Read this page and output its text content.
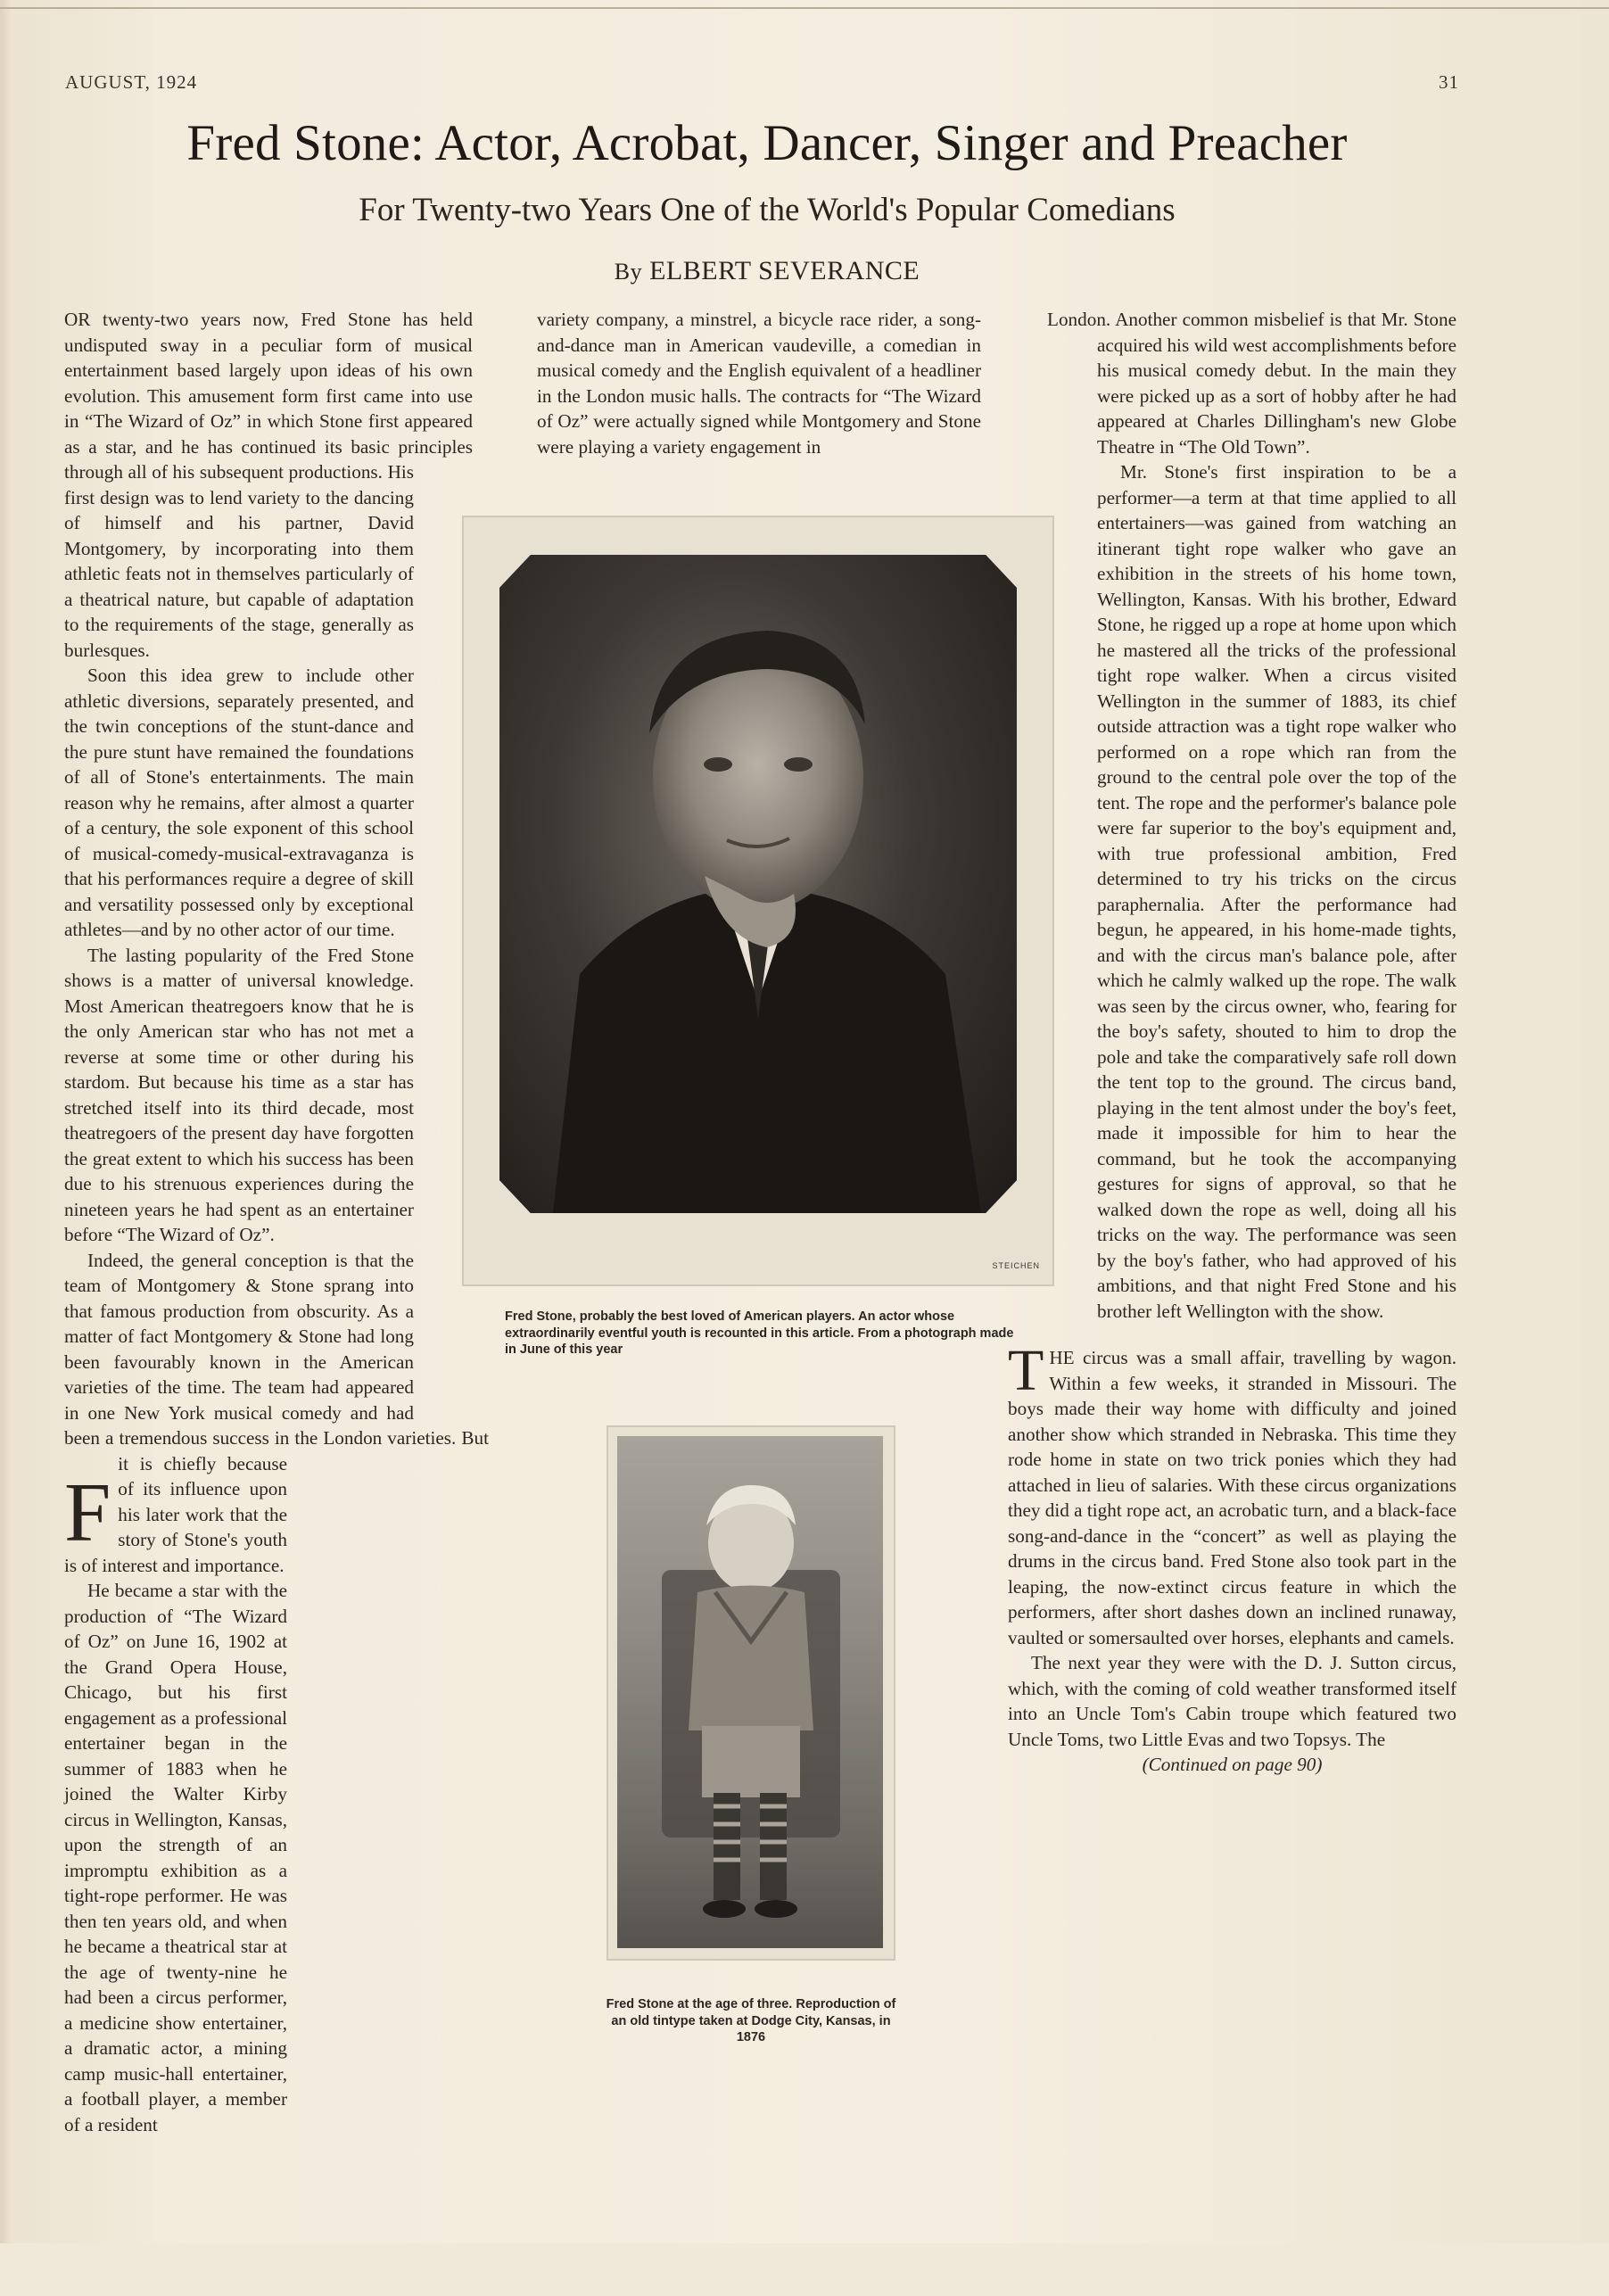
AUGUST, 1924	31
Fred Stone: Actor, Acrobat, Dancer, Singer and Preacher
For Twenty-two Years One of the World's Popular Comedians
By ELBERT SEVERANCE

F
OR twenty-two years now, Fred Stone has held undisputed sway in a peculiar form of musical entertainment based largely upon ideas of his own evolution. This amusement form first came into use in “The Wizard of Oz” in which Stone first appeared as a star, and he has continued its basic principles through all of his subsequent productions. His first design was to lend variety to the dancing of himself and his partner, David Montgomery, by incorporating into them athletic feats not in themselves particularly of a theatrical nature, but capable of adaptation to the requirements of the stage, generally as burlesques.

Soon this idea grew to include other athletic diversions, separately presented, and the twin conceptions of the stunt-dance and the pure stunt have remained the foundations of all of Stone's entertainments. The main reason why he remains, after almost a quarter of a century, the sole exponent of this school of musical-comedy-musical-extravaganza is that his performances require a degree of skill and versatility possessed only by exceptional athletes—and by no other actor of our time.

The lasting popularity of the Fred Stone shows is a matter of universal knowledge. Most American theatregoers know that he is the only American star who has not met a reverse at some time or other during his stardom. But because his time as a star has stretched itself into its third decade, most theatregoers of the present day have forgotten the great extent to which his success has been due to his strenuous experiences during the nineteen years he had spent as an entertainer before “The Wizard of Oz”.

Indeed, the general conception is that the team of Montgomery & Stone sprang into that famous production from obscurity. As a matter of fact Montgomery & Stone had long been favourably known in the American varieties of the time. The team had appeared in one New York musical comedy and had been a tremendous success in the London varieties. But it is chiefly because of its influence upon his later work that the story of Stone's youth is of interest and importance.

He became a star with the production of “The Wizard of Oz” on June 16, 1902 at the Grand Opera House, Chicago, but his first engagement as a professional entertainer began in the summer of 1883 when he joined the Walter Kirby circus in Wellington, Kansas, upon the strength of an impromptu exhibition as a tight-rope performer. He was then ten years old, and when he became a theatrical star at the age of twenty-nine he had been a circus performer, a medicine show entertainer, a dramatic actor, a mining camp music-hall entertainer, a football player, a member of a resident

variety company, a minstrel, a bicycle race rider, a song-and-dance man in American vaudeville, a comedian in musical comedy and the English equivalent of a headliner in the London music halls. The contracts for “The Wizard of Oz” were actually signed while Montgomery and Stone were playing a variety engagement in

London. Another common misbelief is that Mr. Stone acquired his wild west accomplishments before his musical comedy debut. In the main they were picked up as a sort of hobby after he had appeared at Charles Dillingham's new Globe Theatre in “The Old Town”.

Mr. Stone's first inspiration to be a performer—a term at that time applied to all entertainers—was gained from watching an itinerant tight rope walker who gave an exhibition in the streets of his home town, Wellington, Kansas. With his brother, Edward Stone, he rigged up a rope at home upon which he mastered all the tricks of the professional tight rope walker. When a circus visited Wellington in the summer of 1883, its chief outside attraction was a tight rope walker who performed on a rope which ran from the ground to the central pole over the top of the tent. The rope and the performer's balance pole were far superior to the boy's equipment and, with true professional ambition, Fred determined to try his tricks on the circus paraphernalia. After the performance had begun, he appeared, in his home-made tights, and with the circus man's balance pole, after which he calmly walked up the rope. The walk was seen by the circus owner, who, fearing for the boy's safety, shouted to him to drop the pole and take the comparatively safe roll down the tent top to the ground. The circus band, playing in the tent almost under the boy's feet, made it impossible for him to hear the command, but he took the accompanying gestures for signs of approval, so that he walked down the rope as well, doing all his tricks on the way. The performance was seen by the boy's father, who had approved of his ambitions, and that night Fred Stone and his brother left Wellington with the show.

THE circus was a small affair, travelling by wagon. Within a few weeks, it stranded in Missouri. The boys made their way home with difficulty and joined another show which stranded in Nebraska. This time they rode home in state on two trick ponies which they had attached in lieu of salaries. With these circus organizations they did a tight rope act, an acrobatic turn, and a black-face song-and-dance in the “concert” as well as playing the drums in the circus band. Fred Stone also took part in the leaping, the now-extinct circus feature in which the performers, after short dashes down an inclined runaway, vaulted or somersaulted over horses, elephants and camels.

The next year they were with the D. J. Sutton circus, which, with the coming of cold weather transformed itself into an Uncle Tom's Cabin troupe which featured two Uncle Toms, two Little Evas and two Topsys. The

(Continued on page 90)

STEICHEN
Fred Stone, probably the best loved of American players. An actor whose extraordinarily eventful youth is recounted in this article. From a photograph made in June of this year
Fred Stone at the age of three. Reproduction of an old tintype taken at Dodge City, Kansas, in 1876
